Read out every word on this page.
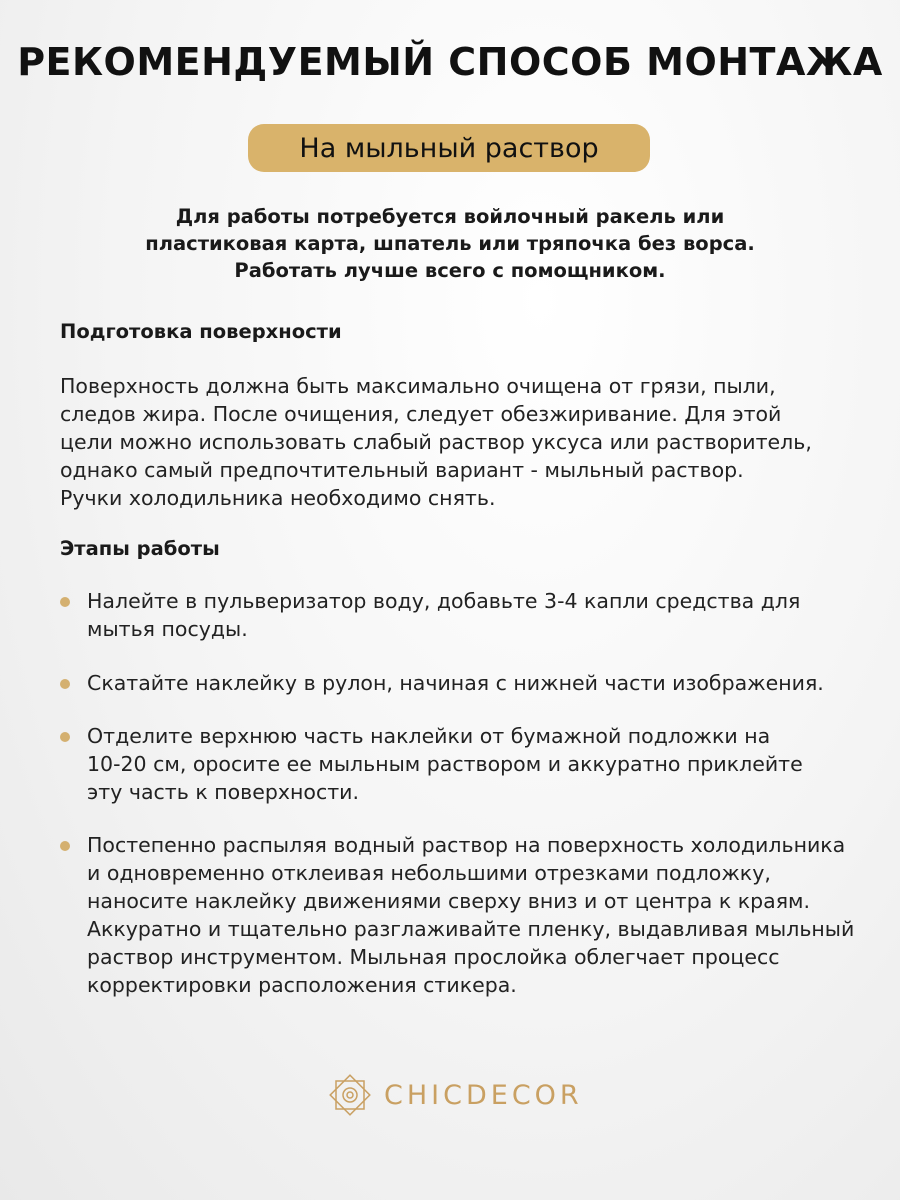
РЕКОМЕНДУЕМЫЙ СПОСОБ МОНТАЖА
На мыльный раствор
Для работы потребуется войлочный ракель или
пластиковая карта, шпатель или тряпочка без ворса.
Работать лучше всего с помощником.
Подготовка поверхности
Поверхность должна быть максимально очищена от грязи, пыли,
следов жира. После очищения, следует обезжиривание. Для этой
цели можно использовать слабый раствор уксуса или растворитель,
однако самый предпочтительный вариант - мыльный раствор.
Ручки холодильника необходимо снять.
Этапы работы
Налейте в пульверизатор воду, добавьте 3-4 капли средства для
мытья посуды.
Скатайте наклейку в рулон, начиная с нижней части изображения.
Отделите верхнюю часть наклейки от бумажной подложки на
10-20 см, оросите ее мыльным раствором и аккуратно приклейте
эту часть к поверхности.
Постепенно распыляя водный раствор на поверхность холодильника
и одновременно отклеивая небольшими отрезками подложку,
наносите наклейку движениями сверху вниз и от центра к краям.
Аккуратно и тщательно разглаживайте пленку, выдавливая мыльный
раствор инструментом. Мыльная прослойка облегчает процесс
корректировки расположения стикера.
CHICDECOR
